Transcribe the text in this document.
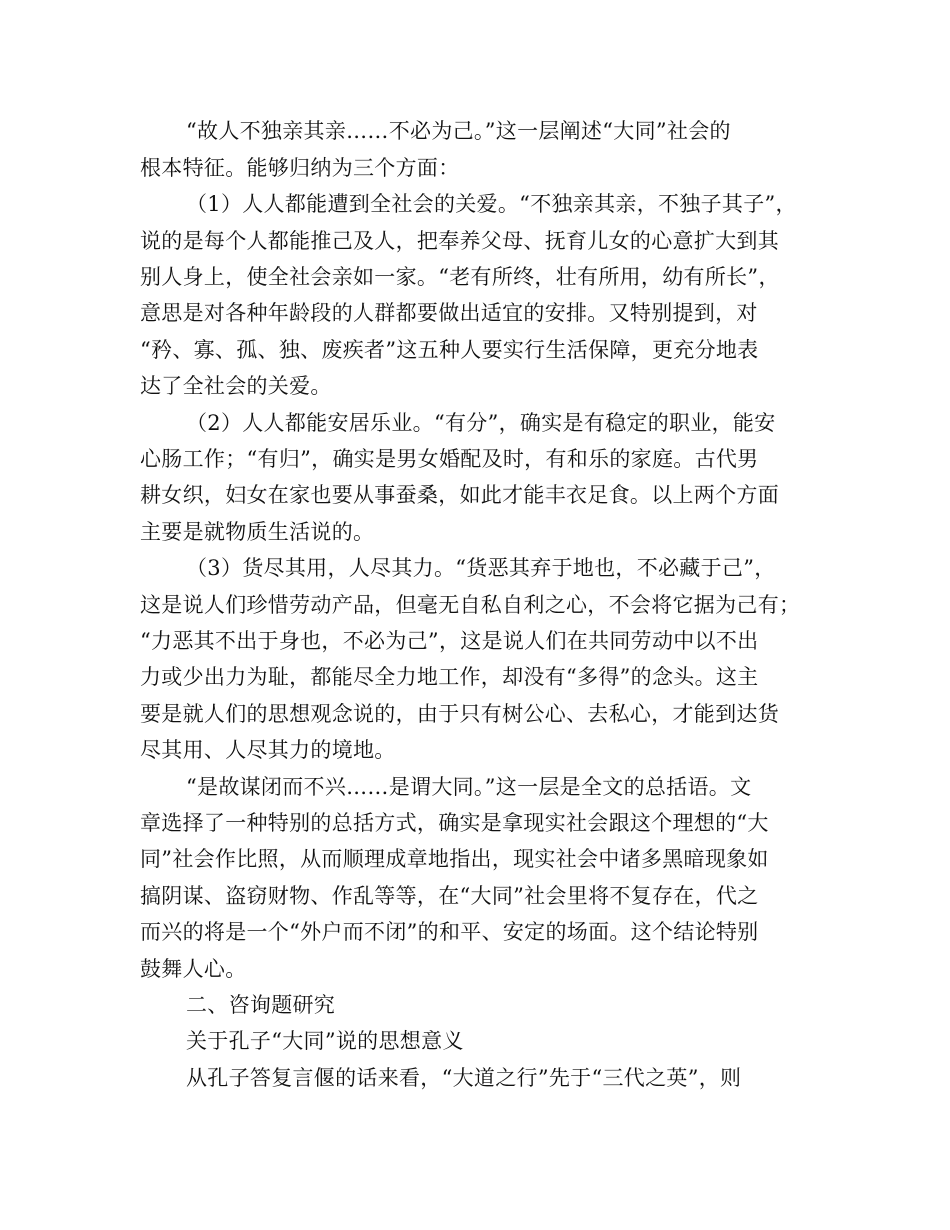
“故人不独亲其亲……不必为己。”这一层阐述“大同”社会的
根本特征。能够归纳为三个方面：
（1）人人都能遭到全社会的关爱。“不独亲其亲，不独子其子”，
说的是每个人都能推己及人，把奉养父母、抚育儿女的心意扩大到其
别人身上，使全社会亲如一家。“老有所终，壮有所用，幼有所长”，
意思是对各种年龄段的人群都要做出适宜的安排。又特别提到，对
“矜、寡、孤、独、废疾者”这五种人要实行生活保障，更充分地表
达了全社会的关爱。
（2）人人都能安居乐业。“有分”，确实是有稳定的职业，能安
心肠工作；“有归”，确实是男女婚配及时，有和乐的家庭。古代男
耕女织，妇女在家也要从事蚕桑，如此才能丰衣足食。以上两个方面
主要是就物质生活说的。
（3）货尽其用，人尽其力。“货恶其弃于地也，不必藏于己”，
这是说人们珍惜劳动产品，但毫无自私自利之心，不会将它据为己有；
“力恶其不出于身也，不必为己”，这是说人们在共同劳动中以不出
力或少出力为耻，都能尽全力地工作，却没有“多得”的念头。这主
要是就人们的思想观念说的，由于只有树公心、去私心，才能到达货
尽其用、人尽其力的境地。
“是故谋闭而不兴……是谓大同。”这一层是全文的总括语。文
章选择了一种特别的总括方式，确实是拿现实社会跟这个理想的“大
同”社会作比照，从而顺理成章地指出，现实社会中诸多黑暗现象如
搞阴谋、盗窃财物、作乱等等，在“大同”社会里将不复存在，代之
而兴的将是一个“外户而不闭”的和平、安定的场面。这个结论特别
鼓舞人心。
二、咨询题研究
关于孔子“大同”说的思想意义
从孔子答复言偃的话来看，“大道之行”先于“三代之英”，则
